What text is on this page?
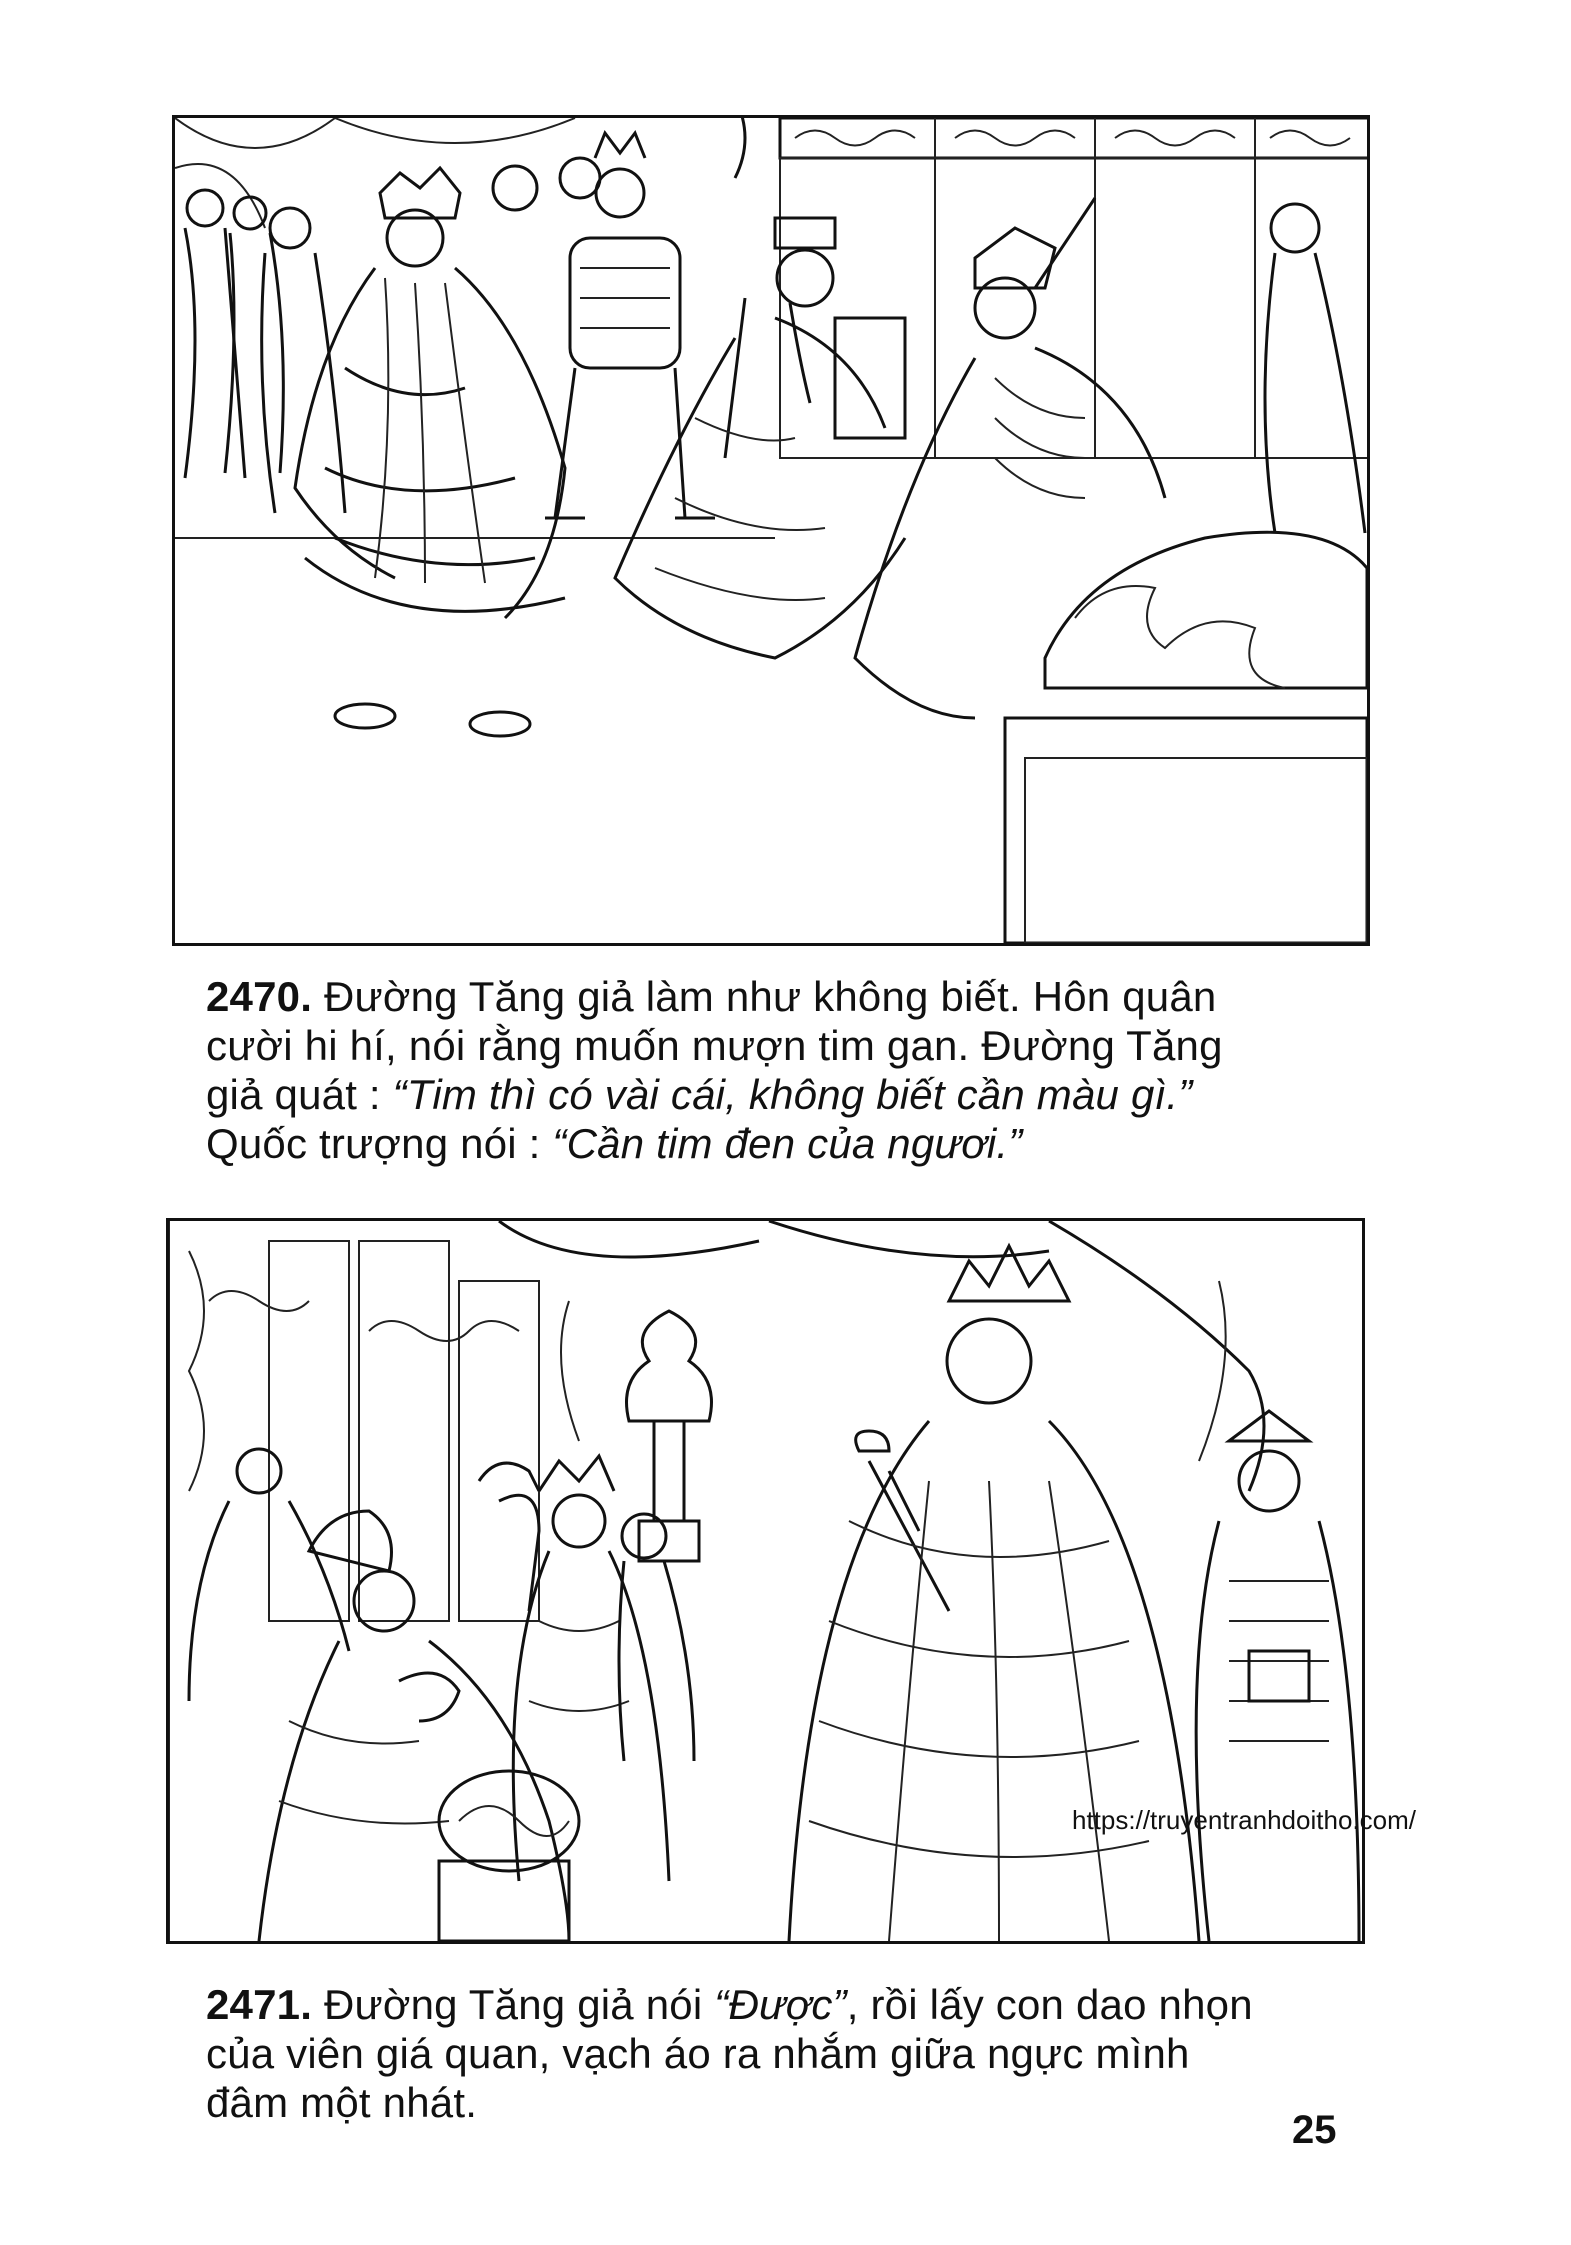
2470. Đường Tăng giả làm như không biết. Hôn quân
cười hi hí, nói rằng muốn mượn tim gan. Đường Tăng
giả quát : “Tim thì có vài cái, không biết cần màu gì.”
Quốc trượng nói : “Cần tim đen của ngươi.”
https://truyentranhdoitho.com/
2471. Đường Tăng giả nói “Được”, rồi lấy con dao nhọn
của viên giá quan, vạch áo ra nhắm giữa ngực mình
đâm một nhát.
25
